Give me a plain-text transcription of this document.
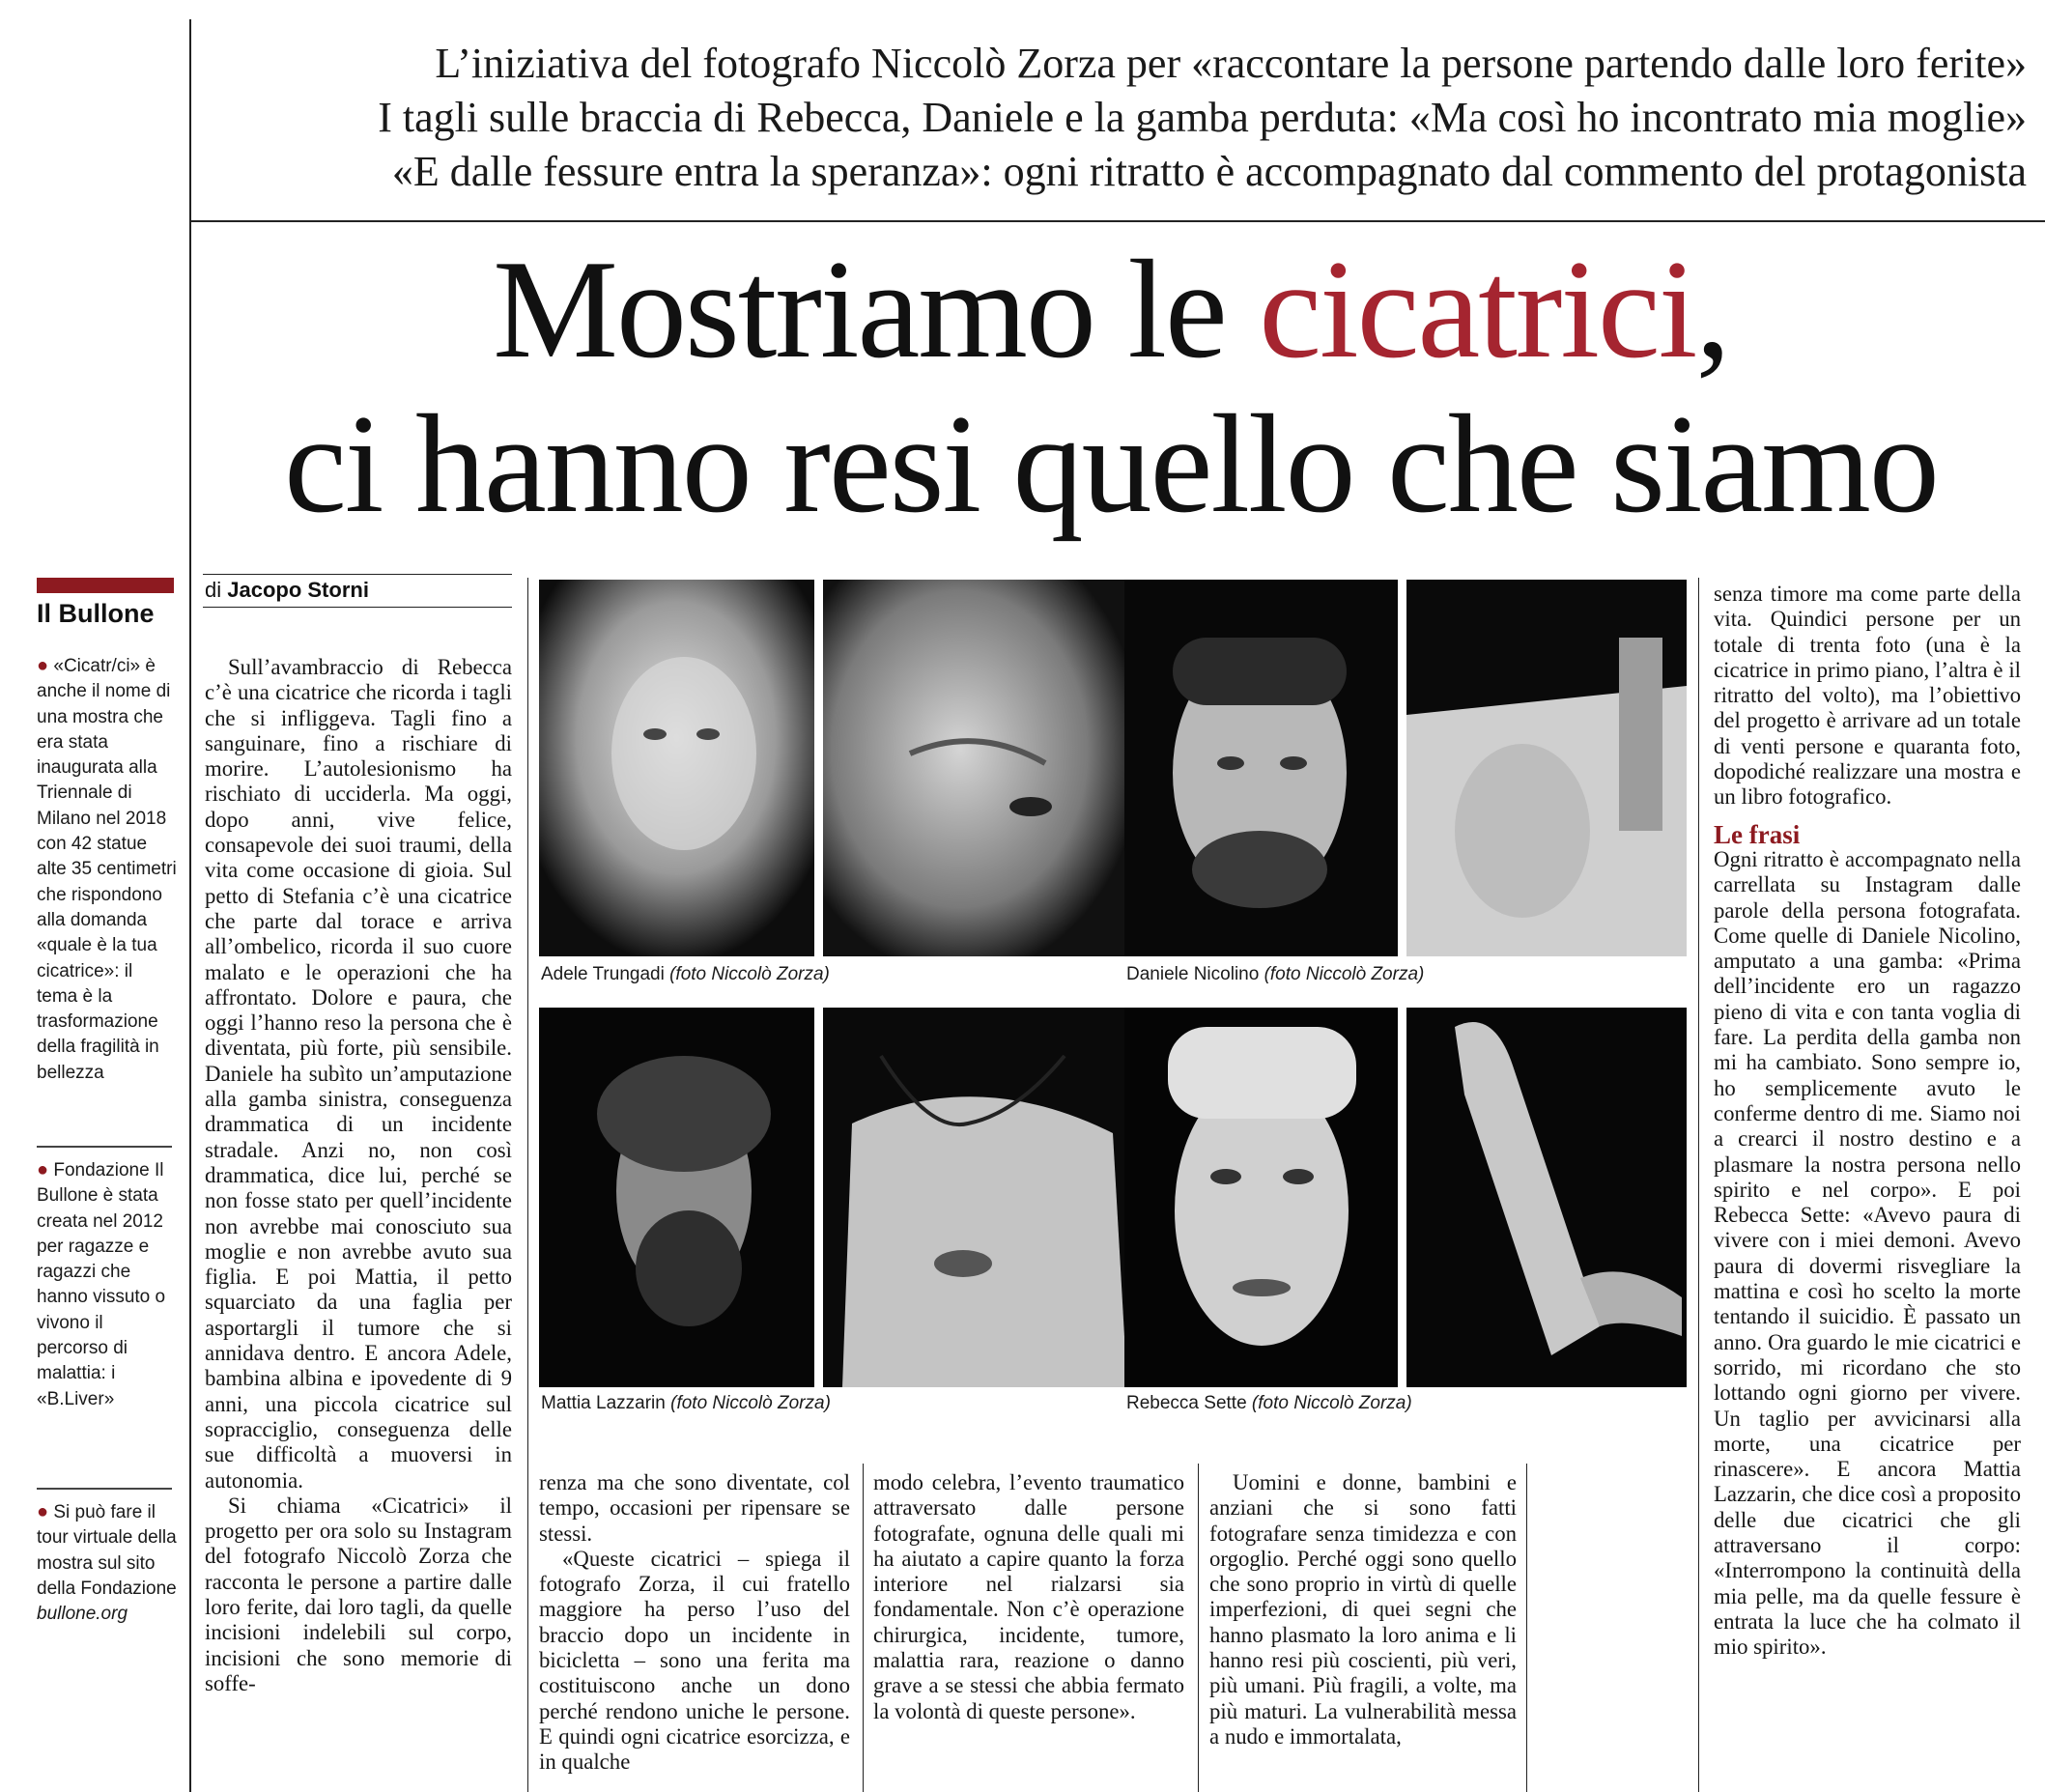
L’iniziativa del fotografo Niccolò Zorza per «raccontare la persone partendo dalle loro ferite»
I tagli sulle braccia di Rebecca, Daniele e la gamba perduta: «Ma così ho incontrato mia moglie»
«E dalle fessure entra la speranza»: ogni ritratto è accompagnato dal commento del protagonista
Mostriamo le cicatrici,
ci hanno resi quello che siamo
Il Bullone
● «Cicatr/ci» è anche il nome di una mostra che era stata inaugurata alla Triennale di Milano nel 2018 con 42 statue alte 35 centimetri che rispondono alla domanda «quale è la tua cicatrice»: il tema è la trasformazione della fragilità in bellezza
● Fondazione Il Bullone è stata creata nel 2012 per ragazze e ragazzi che hanno vissuto o vivono il percorso di malattia: i «B.Liver»
● Si può fare il tour virtuale della mostra sul sito della Fondazione bullone.org
di Jacopo Storni

Sull’avambraccio di Rebecca c’è una cicatrice che ricorda i tagli che si infliggeva. Tagli fino a sanguinare, fino a rischiare di morire. L’autolesionismo ha rischiato di ucciderla. Ma oggi, dopo anni, vive felice, consapevole dei suoi traumi, della vita come occasione di gioia. Sul petto di Stefania c’è una cicatrice che parte dal torace e arriva all’ombelico, ricorda il suo cuore malato e le operazioni che ha affrontato. Dolore e paura, che oggi l’hanno reso la persona che è diventata, più forte, più sensibile. Daniele ha subìto un’amputazione alla gamba sinistra, conseguenza drammatica di un incidente stradale. Anzi no, non così drammatica, dice lui, perché se non fosse stato per quell’incidente non avrebbe mai conosciuto sua moglie e non avrebbe avuto sua figlia. E poi Mattia, il petto squarciato da una faglia per asportargli il tumore che si annidava dentro. E ancora Adele, bambina albina e ipovedente di 9 anni, una piccola cicatrice sul sopracciglio, conseguenza delle sue difficoltà a muoversi in autonomia.

Si chiama «Cicatrici» il progetto per ora solo su Instagram del fotografo Niccolò Zorza che racconta le persone a partire dalle loro ferite, dai loro tagli, da quelle incisioni indelebili sul corpo, incisioni che sono memorie di soffe-

Adele Trungadi (foto Niccolò Zorza)	Daniele Nicolino (foto Niccolò Zorza)
Mattia Lazzarin (foto Niccolò Zorza)	Rebecca Sette (foto Niccolò Zorza)

renza ma che sono diventate, col tempo, occasioni per ripensare se stessi.

«Queste cicatrici – spiega il fotografo Zorza, il cui fratello maggiore ha perso l’uso del braccio dopo un incidente in bicicletta – sono una ferita ma costituiscono anche un dono perché rendono uniche le persone. E quindi ogni cicatrice esorcizza, e in qualche

modo celebra, l’evento traumatico attraversato dalle persone fotografate, ognuna delle quali mi ha aiutato a capire quanto la forza interiore nel rialzarsi sia fondamentale. Non c’è operazione chirurgica, incidente, tumore, malattia rara, reazione o danno grave a se stessi che abbia fermato la volontà di queste persone».

Uomini e donne, bambini e anziani che si sono fatti fotografare senza timidezza e con orgoglio. Perché oggi sono quello che sono proprio in virtù di quelle imperfezioni, di quei segni che hanno plasmato la loro anima e li hanno resi più coscienti, più veri, più umani. Più fragili, a volte, ma più maturi. La vulnerabilità messa a nudo e immortalata,

senza timore ma come parte della vita. Quindici persone per un totale di trenta foto (una è la cicatrice in primo piano, l’altra è il ritratto del volto), ma l’obiettivo del progetto è arrivare ad un totale di venti persone e quaranta foto, dopodiché realizzare una mostra e un libro fotografico.

Le frasi

Ogni ritratto è accompagnato nella carrellata su Instagram dalle parole della persona fotografata. Come quelle di Daniele Nicolino, amputato a una gamba: «Prima dell’incidente ero un ragazzo pieno di vita e con tanta voglia di fare. La perdita della gamba non mi ha cambiato. Sono sempre io, ho semplicemente avuto le conferme dentro di me. Siamo noi a crearci il nostro destino e a plasmare la nostra persona nello spirito e nel corpo». E poi Rebecca Sette: «Avevo paura di vivere con i miei demoni. Avevo paura di dovermi risvegliare la mattina e così ho scelto la morte tentando il suicidio. È passato un anno. Ora guardo le mie cicatrici e sorrido, mi ricordano che sto lottando ogni giorno per vivere. Un taglio per avvicinarsi alla morte, una cicatrice per rinascere». E ancora Mattia Lazzarin, che dice così a proposito delle due cicatrici che gli attraversano il corpo: «Interrompono la continuità della mia pelle, ma da quelle fessure è entrata la luce che ha colmato il mio spirito».
